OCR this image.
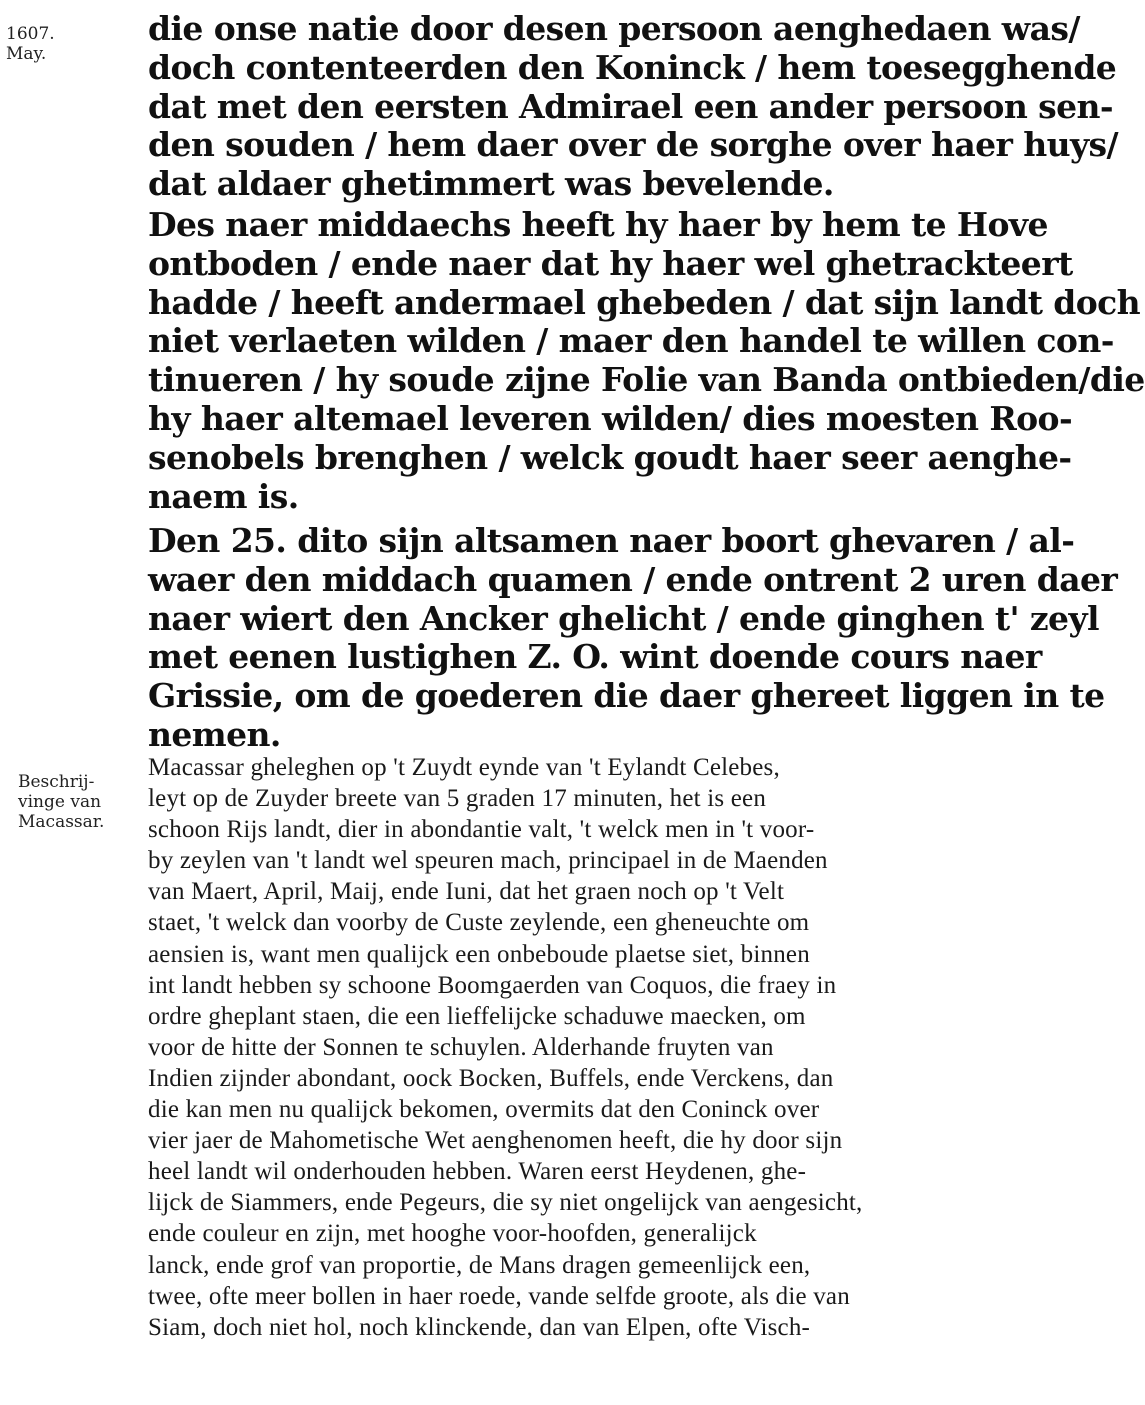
1607.
May.
Beschrij-
vinge van
Macassar.
die onse natie door desen persoon aenghedaen was/
doch contenteerden den Koninck / hem toesegghende
dat met den eersten Admirael een ander persoon sen-
den souden / hem daer over de sorghe over haer huys/
dat aldaer ghetimmert was bevelende.
Des naer middaechs heeft hy haer by hem te Hove
ontboden / ende naer dat hy haer wel ghetrackteert
hadde / heeft andermael ghebeden / dat sijn landt doch
niet verlaeten wilden / maer den handel te willen con-
tinueren / hy soude zijne Folie van Banda ontbieden/die
hy haer altemael leveren wilden/ dies moesten Roo-
senobels brenghen / welck goudt haer seer aenghe-
naem is.
Den 25. dito sijn altsamen naer boort ghevaren / al-
waer den middach quamen / ende ontrent 2 uren daer
naer wiert den Ancker ghelicht / ende ginghen t' zeyl
met eenen lustighen Z. O. wint doende cours naer
Grissie, om de goederen die daer ghereet liggen in te
nemen.
Macassar gheleghen op 't Zuydt eynde van 't Eylandt Celebes,
leyt op de Zuyder breete van 5 graden 17 minuten, het is een
schoon Rijs landt, dier in abondantie valt, 't welck men in 't voor-
by zeylen van 't landt wel speuren mach, principael in de Maenden
van Maert, April, Maij, ende Iuni, dat het graen noch op 't Velt
staet, 't welck dan voorby de Custe zeylende, een gheneuchte om
aensien is, want men qualijck een onbeboude plaetse siet, binnen
int landt hebben sy schoone Boomgaerden van Coquos, die fraey in
ordre gheplant staen, die een lieffelijcke schaduwe maecken, om
voor de hitte der Sonnen te schuylen. Alderhande fruyten van
Indien zijnder abondant, oock Bocken, Buffels, ende Verckens, dan
die kan men nu qualijck bekomen, overmits dat den Coninck over
vier jaer de Mahometische Wet aenghenomen heeft, die hy door sijn
heel landt wil onderhouden hebben. Waren eerst Heydenen, ghe-
lijck de Siammers, ende Pegeurs, die sy niet ongelijck van aengesicht,
ende couleur en zijn, met hooghe voor-hoofden, generalijck
lanck, ende grof van proportie, de Mans dragen gemeenlijck een,
twee, ofte meer bollen in haer roede, vande selfde groote, als die van
Siam, doch niet hol, noch klinckende, dan van Elpen, ofte Visch-
